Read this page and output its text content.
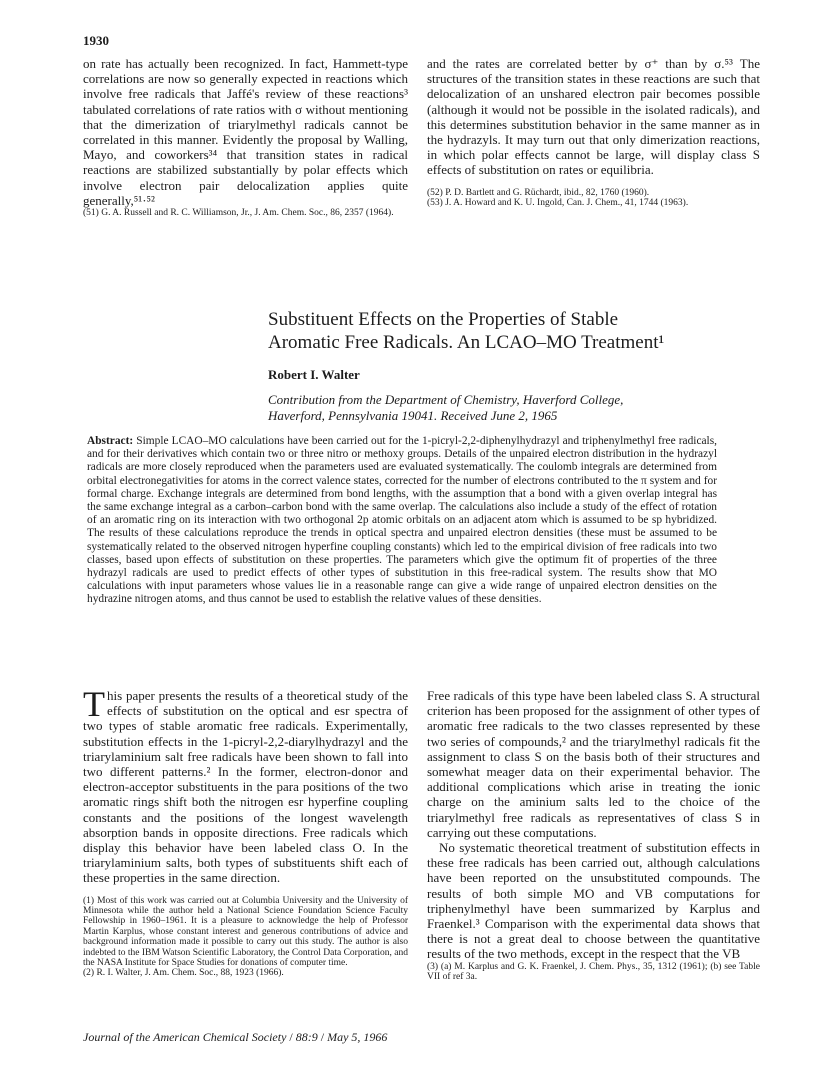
1930

on rate has actually been recognized. In fact, Hammett-type correlations are now so generally expected in reactions which involve free radicals that Jaffé's review of these reactions³ tabulated correlations of rate ratios with σ without mentioning that the dimerization of triarylmethyl radicals cannot be correlated in this manner. Evidently the proposal by Walling, Mayo, and coworkers³⁴ that transition states in radical reactions are stabilized substantially by polar effects which involve electron pair delocalization applies quite generally,⁵¹·⁵²

(51) G. A. Russell and R. C. Williamson, Jr., J. Am. Chem. Soc., 86, 2357 (1964).

and the rates are correlated better by σ⁺ than by σ.⁵³ The structures of the transition states in these reactions are such that delocalization of an unshared electron pair becomes possible (although it would not be possible in the isolated radicals), and this determines substitution behavior in the same manner as in the hydrazyls. It may turn out that only dimerization reactions, in which polar effects cannot be large, will display class S effects of substitution on rates or equilibria.

(52) P. D. Bartlett and G. Rüchardt, ibid., 82, 1760 (1960).

(53) J. A. Howard and K. U. Ingold, Can. J. Chem., 41, 1744 (1963).

Substituent Effects on the Properties of Stable
Aromatic Free Radicals. An LCAO–MO Treatment¹
Robert I. Walter
Contribution from the Department of Chemistry, Haverford College,
Haverford, Pennsylvania 19041. Received June 2, 1965
Abstract: Simple LCAO–MO calculations have been carried out for the 1-picryl-2,2-diphenylhydrazyl and triphenylmethyl free radicals, and for their derivatives which contain two or three nitro or methoxy groups. Details of the unpaired electron distribution in the hydrazyl radicals are more closely reproduced when the parameters used are evaluated systematically. The coulomb integrals are determined from orbital electronegativities for atoms in the correct valence states, corrected for the number of electrons contributed to the π system and for formal charge. Exchange integrals are determined from bond lengths, with the assumption that a bond with a given overlap integral has the same exchange integral as a carbon–carbon bond with the same overlap. The calculations also include a study of the effect of rotation of an aromatic ring on its interaction with two orthogonal 2p atomic orbitals on an adjacent atom which is assumed to be sp hybridized. The results of these calculations reproduce the trends in optical spectra and unpaired electron densities (these must be assumed to be systematically related to the observed nitrogen hyperfine coupling constants) which led to the empirical division of free radicals into two classes, based upon effects of substitution on these properties. The parameters which give the optimum fit of properties of the three hydrazyl radicals are used to predict effects of other types of substitution in this free-radical system. The results show that MO calculations with input parameters whose values lie in a reasonable range can give a wide range of unpaired electron densities on the hydrazine nitrogen atoms, and thus cannot be used to establish the relative values of these densities.

This paper presents the results of a theoretical study of the effects of substitution on the optical and esr spectra of two types of stable aromatic free radicals. Experimentally, substitution effects in the 1-picryl-2,2-diarylhydrazyl and the triarylaminium salt free radicals have been shown to fall into two different patterns.² In the former, electron-donor and electron-acceptor substituents in the para positions of the two aromatic rings shift both the nitrogen esr hyperfine coupling constants and the positions of the longest wavelength absorption bands in opposite directions. Free radicals which display this behavior have been labeled class O. In the triarylaminium salts, both types of substituents shift each of these properties in the same direction.

(1) Most of this work was carried out at Columbia University and the University of Minnesota while the author held a National Science Foundation Science Faculty Fellowship in 1960–1961. It is a pleasure to acknowledge the help of Professor Martin Karplus, whose constant interest and generous contributions of advice and background information made it possible to carry out this study. The author is also indebted to the IBM Watson Scientific Laboratory, the Control Data Corporation, and the NASA Institute for Space Studies for donations of computer time.

(2) R. I. Walter, J. Am. Chem. Soc., 88, 1923 (1966).

Free radicals of this type have been labeled class S. A structural criterion has been proposed for the assignment of other types of aromatic free radicals to the two classes represented by these two series of compounds,² and the triarylmethyl radicals fit the assignment to class S on the basis both of their structures and somewhat meager data on their experimental behavior. The additional complications which arise in treating the ionic charge on the aminium salts led to the choice of the triarylmethyl free radicals as representatives of class S in carrying out these computations.

No systematic theoretical treatment of substitution effects in these free radicals has been carried out, although calculations have been reported on the unsubstituted compounds. The results of both simple MO and VB computations for triphenylmethyl have been summarized by Karplus and Fraenkel.³ Comparison with the experimental data shows that there is not a great deal to choose between the quantitative results of the two methods, except in the respect that the VB

(3) (a) M. Karplus and G. K. Fraenkel, J. Chem. Phys., 35, 1312 (1961); (b) see Table VII of ref 3a.

Journal of the American Chemical Society / 88:9 / May 5, 1966
